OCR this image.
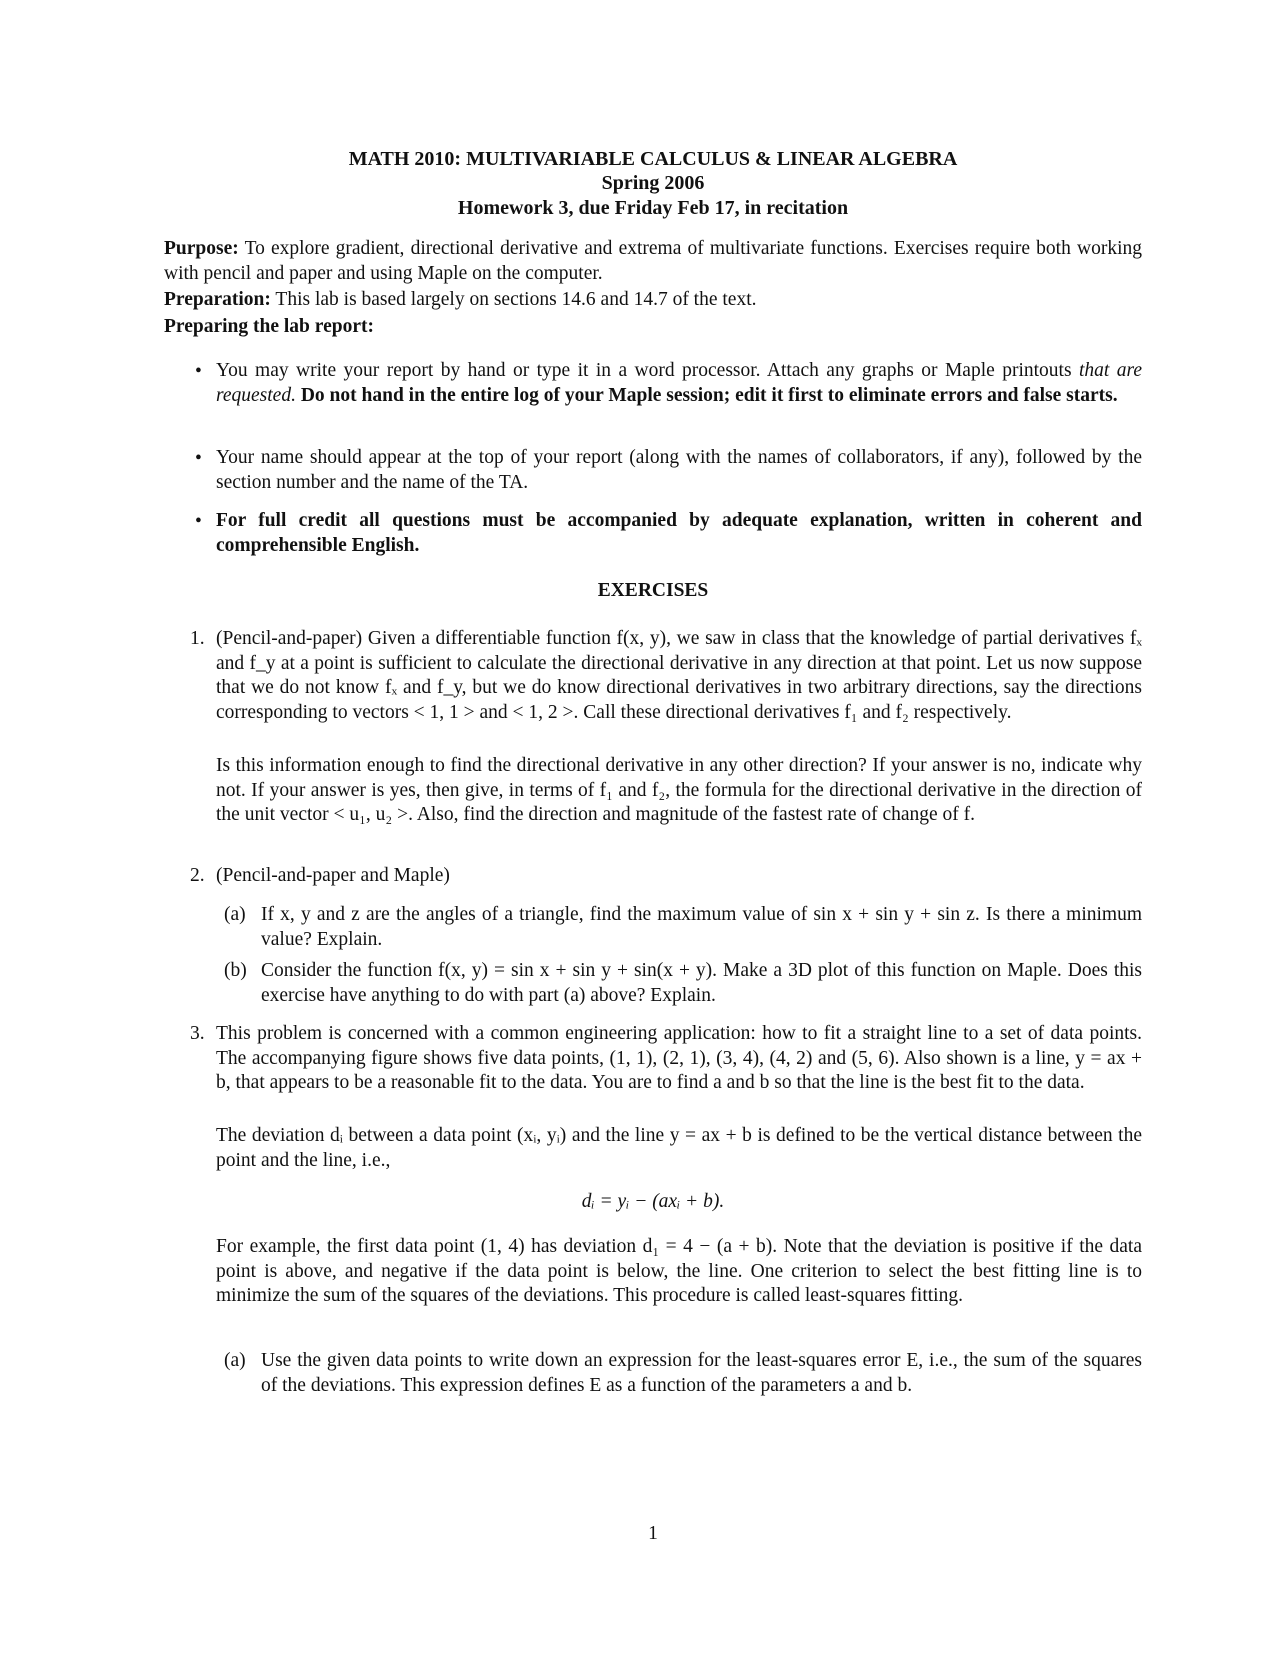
MATH 2010: MULTIVARIABLE CALCULUS & LINEAR ALGEBRA
Spring 2006
Homework 3, due Friday Feb 17, in recitation
Purpose: To explore gradient, directional derivative and extrema of multivariate functions. Exercises require both working with pencil and paper and using Maple on the computer.
Preparation: This lab is based largely on sections 14.6 and 14.7 of the text.
Preparing the lab report:
• You may write your report by hand or type it in a word processor. Attach any graphs or Maple printouts that are requested. Do not hand in the entire log of your Maple session; edit it first to eliminate errors and false starts.
• Your name should appear at the top of your report (along with the names of collaborators, if any), followed by the section number and the name of the TA.
• For full credit all questions must be accompanied by adequate explanation, written in coherent and comprehensible English.
EXERCISES
1. (Pencil-and-paper) Given a differentiable function f(x, y), we saw in class that the knowledge of partial derivatives fₓ and f_y at a point is sufficient to calculate the directional derivative in any direction at that point. Let us now suppose that we do not know fₓ and f_y, but we do know directional derivatives in two arbitrary directions, say the directions corresponding to vectors < 1, 1 > and < 1, 2 >. Call these directional derivatives f₁ and f₂ respectively.
Is this information enough to find the directional derivative in any other direction? If your answer is no, indicate why not. If your answer is yes, then give, in terms of f₁ and f₂, the formula for the directional derivative in the direction of the unit vector < u₁, u₂ >. Also, find the direction and magnitude of the fastest rate of change of f.
2. (Pencil-and-paper and Maple)
(a) If x, y and z are the angles of a triangle, find the maximum value of sin x + sin y + sin z. Is there a minimum value? Explain.
(b) Consider the function f(x, y) = sin x + sin y + sin(x + y). Make a 3D plot of this function on Maple. Does this exercise have anything to do with part (a) above? Explain.
3. This problem is concerned with a common engineering application: how to fit a straight line to a set of data points. The accompanying figure shows five data points, (1, 1), (2, 1), (3, 4), (4, 2) and (5, 6). Also shown is a line, y = ax + b, that appears to be a reasonable fit to the data. You are to find a and b so that the line is the best fit to the data.
The deviation dᵢ between a data point (xᵢ, yᵢ) and the line y = ax + b is defined to be the vertical distance between the point and the line, i.e.,
dᵢ = yᵢ − (axᵢ + b).
For example, the first data point (1, 4) has deviation d₁ = 4 − (a + b). Note that the deviation is positive if the data point is above, and negative if the data point is below, the line. One criterion to select the best fitting line is to minimize the sum of the squares of the deviations. This procedure is called least-squares fitting.
(a) Use the given data points to write down an expression for the least-squares error E, i.e., the sum of the squares of the deviations. This expression defines E as a function of the parameters a and b.
1
